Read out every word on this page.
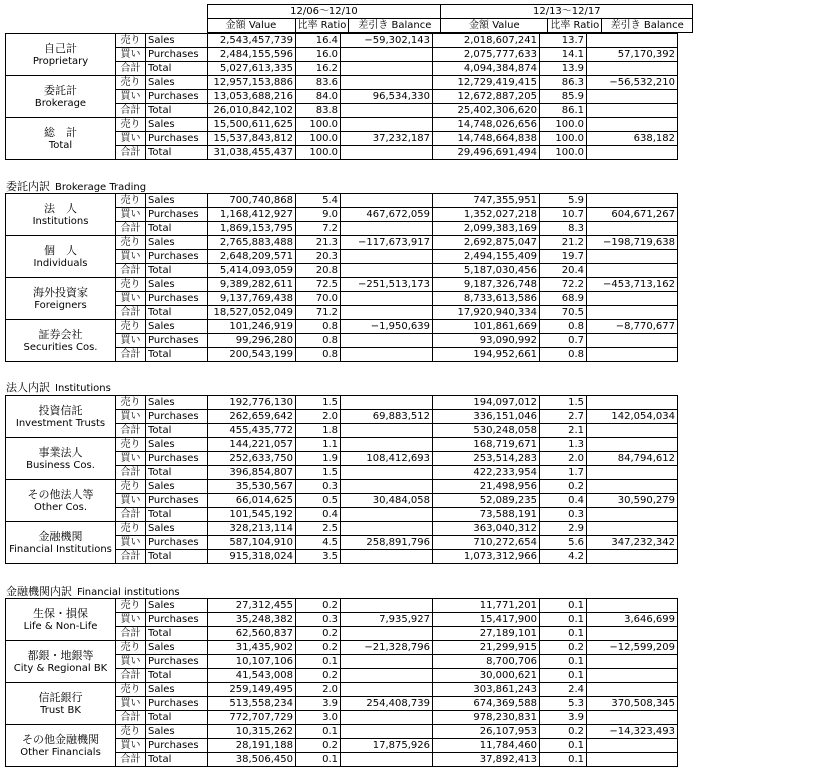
			12/06～12/10			12/13～12/17		
			金額 Value	比率 Ratio	差引き Balance	金額 Value	比率 Ratio	差引き Balance
自己計
Proprietary	売り	Sales	2,543,457,739	16.4	−59,302,143	2,018,607,241	13.7	
	買い	Purchases	2,484,155,596	16.0		2,075,777,633	14.1	57,170,392
	合計	Total	5,027,613,335	16.2		4,094,384,874	13.9	

委託計
Brokerage	売り	Sales	12,957,153,886	83.6		12,729,419,415	86.3	−56,532,210
	買い	Purchases	13,053,688,216	84.0	96,534,330	12,672,887,205	85.9	
	合計	Total	26,010,842,102	83.8		25,402,306,620	86.1	

総　計
Total	売り	Sales	15,500,611,625	100.0		14,748,026,656	100.0	
	買い	Purchases	15,537,843,812	100.0	37,232,187	14,748,664,838	100.0	638,182
	合計	Total	31,038,455,437	100.0		29,496,691,494	100.0	
委託内訳 Brokerage Trading
法　人
Institutions	売り	Sales	700,740,868	5.4		747,355,951	5.9	
	買い	Purchases	1,168,412,927	9.0	467,672,059	1,352,027,218	10.7	604,671,267
	合計	Total	1,869,153,795	7.2		2,099,383,169	8.3	

個　人
Individuals	売り	Sales	2,765,883,488	21.3	−117,673,917	2,692,875,047	21.2	−198,719,638
	買い	Purchases	2,648,209,571	20.3		2,494,155,409	19.7	
	合計	Total	5,414,093,059	20.8		5,187,030,456	20.4	

海外投資家
Foreigners	売り	Sales	9,389,282,611	72.5	−251,513,173	9,187,326,748	72.2	−453,713,162
	買い	Purchases	9,137,769,438	70.0		8,733,613,586	68.9	
	合計	Total	18,527,052,049	71.2		17,920,940,334	70.5	

証券会社
Securities Cos.	売り	Sales	101,246,919	0.8	−1,950,639	101,861,669	0.8	−8,770,677
	買い	Purchases	99,296,280	0.8		93,090,992	0.7	
	合計	Total	200,543,199	0.8		194,952,661	0.8	
法人内訳 Institutions
投資信託
Investment Trusts	売り	Sales	192,776,130	1.5		194,097,012	1.5	
	買い	Purchases	262,659,642	2.0	69,883,512	336,151,046	2.7	142,054,034
	合計	Total	455,435,772	1.8		530,248,058	2.1	

事業法人
Business Cos.	売り	Sales	144,221,057	1.1		168,719,671	1.3	
	買い	Purchases	252,633,750	1.9	108,412,693	253,514,283	2.0	84,794,612
	合計	Total	396,854,807	1.5		422,233,954	1.7	

その他法人等
Other Cos.	売り	Sales	35,530,567	0.3		21,498,956	0.2	
	買い	Purchases	66,014,625	0.5	30,484,058	52,089,235	0.4	30,590,279
	合計	Total	101,545,192	0.4		73,588,191	0.3	

金融機関
Financial Institutions	売り	Sales	328,213,114	2.5		363,040,312	2.9	
	買い	Purchases	587,104,910	4.5	258,891,796	710,272,654	5.6	347,232,342
	合計	Total	915,318,024	3.5		1,073,312,966	4.2	
金融機関内訳 Financial institutions
生保・損保
Life & Non-Life	売り	Sales	27,312,455	0.2		11,771,201	0.1	
	買い	Purchases	35,248,382	0.3	7,935,927	15,417,900	0.1	3,646,699
	合計	Total	62,560,837	0.2		27,189,101	0.1	

都銀・地銀等
City & Regional BK	売り	Sales	31,435,902	0.2	−21,328,796	21,299,915	0.2	−12,599,209
	買い	Purchases	10,107,106	0.1		8,700,706	0.1	
	合計	Total	41,543,008	0.2		30,000,621	0.1	

信託銀行
Trust BK	売り	Sales	259,149,495	2.0		303,861,243	2.4	
	買い	Purchases	513,558,234	3.9	254,408,739	674,369,588	5.3	370,508,345
	合計	Total	772,707,729	3.0		978,230,831	3.9	

その他金融機関
Other Financials	売り	Sales	10,315,262	0.1		26,107,953	0.2	−14,323,493
	買い	Purchases	28,191,188	0.2	17,875,926	11,784,460	0.1	
	合計	Total	38,506,450	0.1		37,892,413	0.1	
